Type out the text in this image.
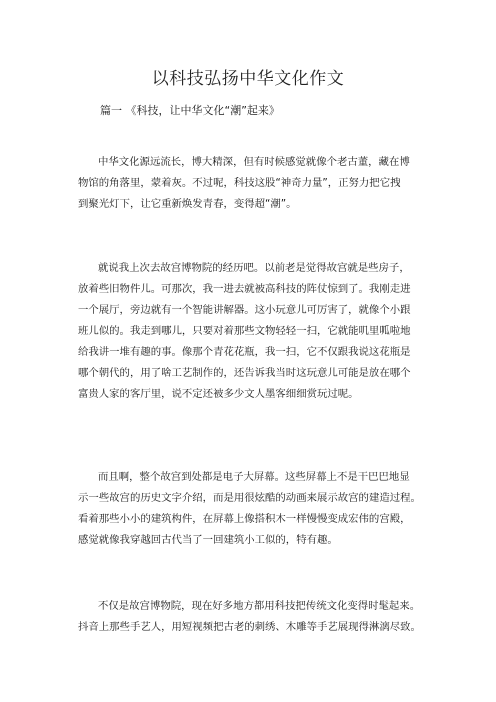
以科技弘扬中华文化作文
篇一 《科技，让中华文化“潮”起来》
中华文化源远流长，博大精深，但有时候感觉就像个老古董，藏在博
物馆的角落里，蒙着灰。不过呢，科技这股“神奇力量”，正努力把它拽
到聚光灯下，让它重新焕发青春，变得超“潮”。
就说我上次去故宫博物院的经历吧。以前老是觉得故宫就是些房子，
放着些旧物件儿。可那次，我一进去就被高科技的阵仗惊到了。我刚走进
一个展厅，旁边就有一个智能讲解器。这小玩意儿可厉害了，就像个小跟
班儿似的。我走到哪儿，只要对着那些文物轻轻一扫，它就能叽里呱啦地
给我讲一堆有趣的事。像那个青花花瓶，我一扫，它不仅跟我说这花瓶是
哪个朝代的，用了啥工艺制作的，还告诉我当时这玩意儿可能是放在哪个
富贵人家的客厅里，说不定还被多少文人墨客细细赏玩过呢。
而且啊，整个故宫到处都是电子大屏幕。这些屏幕上不是干巴巴地显
示一些故宫的历史文字介绍，而是用很炫酷的动画来展示故宫的建造过程。
看着那些小小的建筑构件，在屏幕上像搭积木一样慢慢变成宏伟的宫殿，
感觉就像我穿越回古代当了一回建筑小工似的，特有趣。
不仅是故宫博物院，现在好多地方都用科技把传统文化变得时髦起来。
抖音上那些手艺人，用短视频把古老的刺绣、木雕等手艺展现得淋漓尽致。
